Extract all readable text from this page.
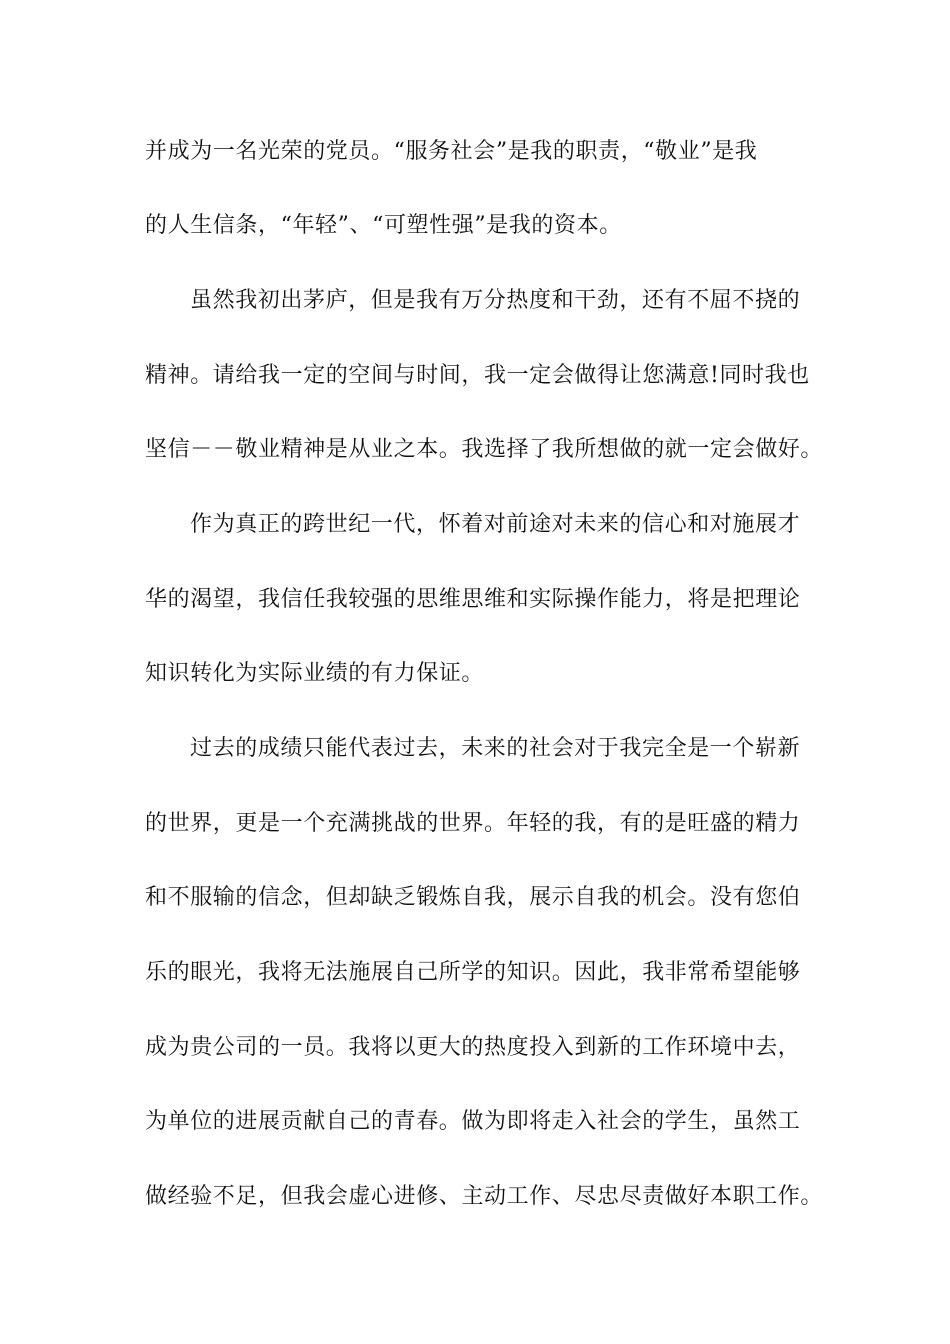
并成为一名光荣的党员。“服务社会”是我的职责，“敬业”是我
的人生信条，“年轻”、“可塑性强”是我的资本。
虽然我初出茅庐，但是我有万分热度和干劲，还有不屈不挠的
精神。请给我一定的空间与时间，我一定会做得让您满意!同时我也
坚信－－敬业精神是从业之本。我选择了我所想做的就一定会做好。
作为真正的跨世纪一代，怀着对前途对未来的信心和对施展才
华的渴望，我信任我较强的思维思维和实际操作能力，将是把理论
知识转化为实际业绩的有力保证。
过去的成绩只能代表过去，未来的社会对于我完全是一个崭新
的世界，更是一个充满挑战的世界。年轻的我，有的是旺盛的精力
和不服输的信念，但却缺乏锻炼自我，展示自我的机会。没有您伯
乐的眼光，我将无法施展自己所学的知识。因此，我非常希望能够
成为贵公司的一员。我将以更大的热度投入到新的工作环境中去，
为单位的进展贡献自己的青春。做为即将走入社会的学生，虽然工
做经验不足，但我会虚心进修、主动工作、尽忠尽责做好本职工作。
